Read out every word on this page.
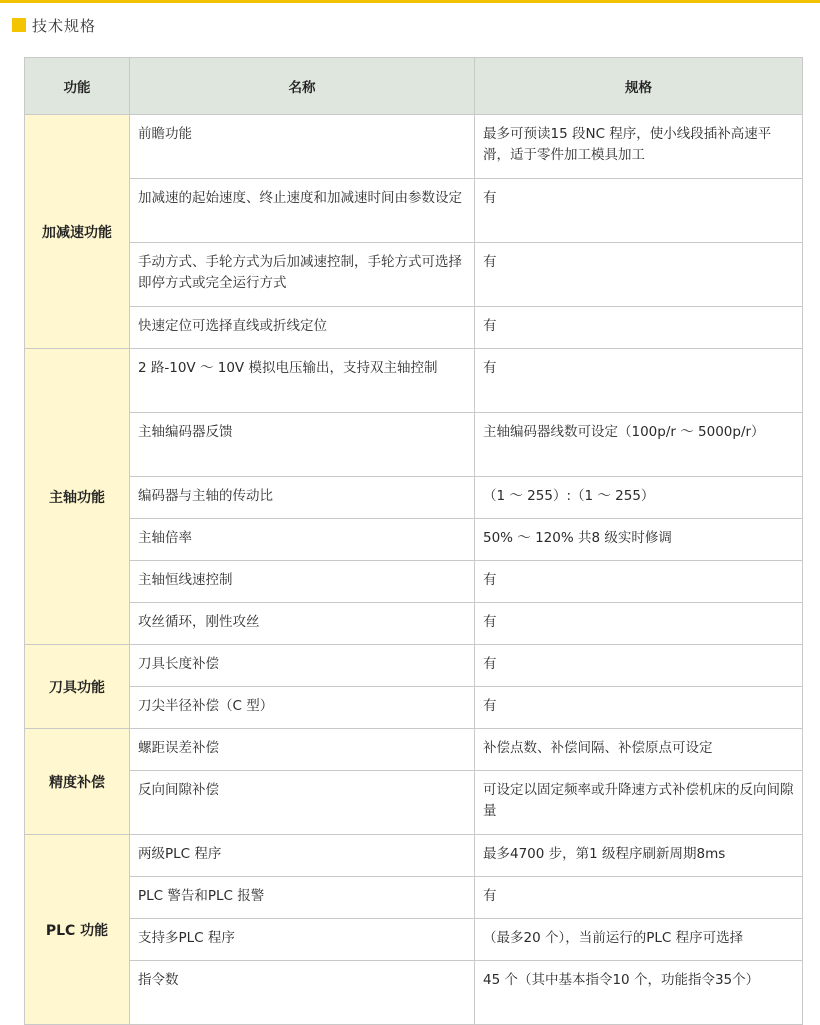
技术规格
功能	名称	规格
加减速功能	前瞻功能	最多可预读15 段NC 程序，使小线段插补高速平滑，适于零件加工模具加工
	加减速的起始速度、终止速度和加减速时间由参数设定	有
	手动方式、手轮方式为后加减速控制，手轮方式可选择即停方式或完全运行方式	有
	快速定位可选择直线或折线定位	有
主轴功能	2 路-10V ～ 10V 模拟电压输出，支持双主轴控制	有
	主轴编码器反馈	主轴编码器线数可设定（100p/r ～ 5000p/r）
	编码器与主轴的传动比	（1 ～ 255）:（1 ～ 255）
	主轴倍率	50% ～ 120% 共8 级实时修调
	主轴恒线速控制	有
	攻丝循环，刚性攻丝	有
刀具功能	刀具长度补偿	有
	刀尖半径补偿（C 型）	有
精度补偿	螺距误差补偿	补偿点数、补偿间隔、补偿原点可设定
	反向间隙补偿	可设定以固定频率或升降速方式补偿机床的反向间隙量
PLC 功能	两级PLC 程序	最多4700 步，第1 级程序刷新周期8ms
	PLC 警告和PLC 报警	有
	支持多PLC 程序	（最多20 个），当前运行的PLC 程序可选择
	指令数	45 个（其中基本指令10 个，功能指令35个）
